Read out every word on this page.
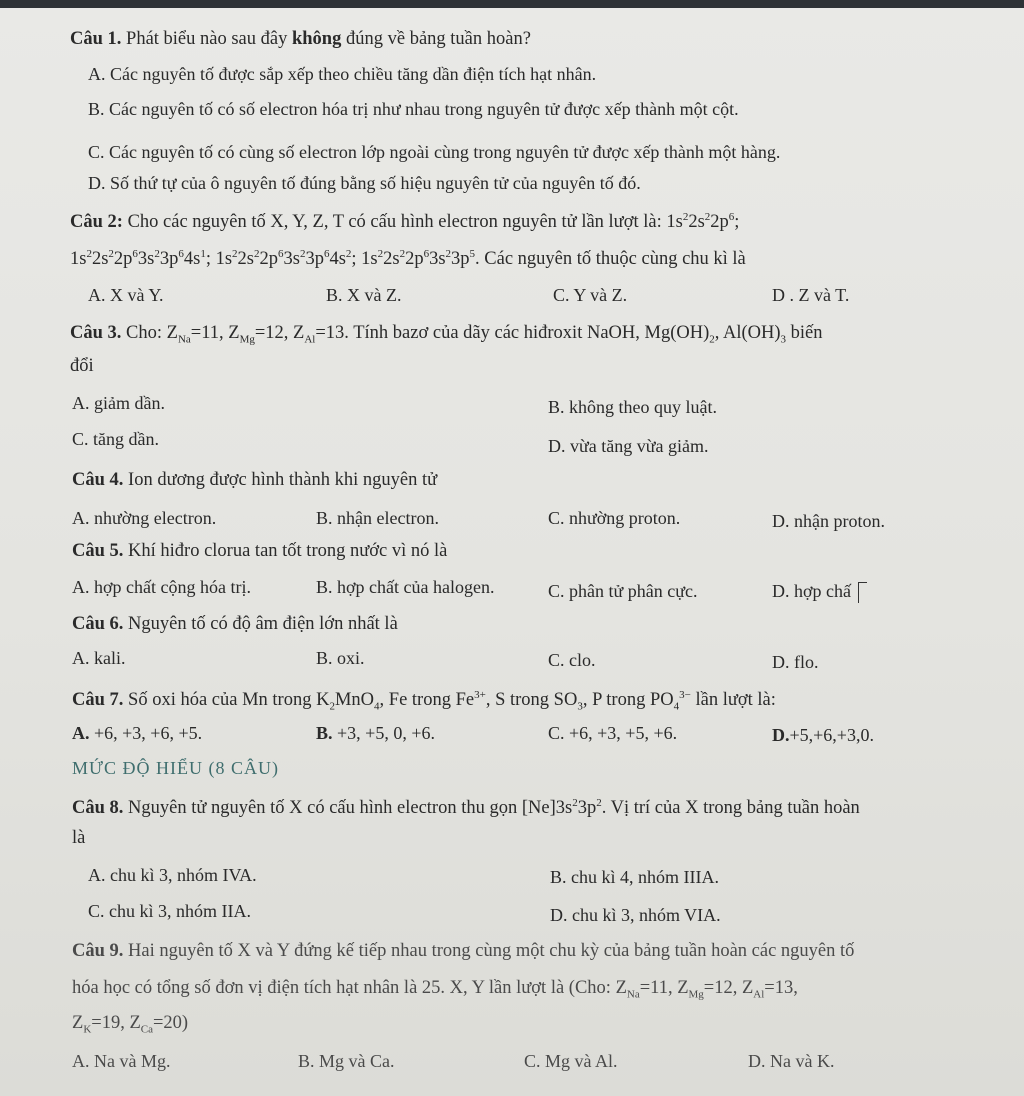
Câu 1. Phát biểu nào sau đây không đúng về bảng tuần hoàn?
A. Các nguyên tố được sắp xếp theo chiều tăng dần điện tích hạt nhân.
B. Các nguyên tố có số electron hóa trị như nhau trong nguyên tử được xếp thành một cột.
C. Các nguyên tố có cùng số electron lớp ngoài cùng trong nguyên tử được xếp thành một hàng.
D. Số thứ tự của ô nguyên tố đúng bằng số hiệu nguyên tử của nguyên tố đó.
Câu 2: Cho các nguyên tố X, Y, Z, T có cấu hình electron nguyên tử lần lượt là: $1s^22s^22p^6$;
$1s^22s^22p^63s^23p^64s^1$; $1s^22s^22p^63s^23p^64s^2$; $1s^22s^22p^63s^23p^5$. Các nguyên tố thuộc cùng chu kì là
A. X và Y.	B. X và Z.	C. Y và Z.	D . Z và T.
Câu 3. Cho: $Z_{Na}=11$, $Z_{Mg}=12$, $Z_{Al}=13$. Tính bazơ của dãy các hiđroxit NaOH, $Mg(OH)_2$, $Al(OH)_3$ biến
đổi
A. giảm dần.	B. không theo quy luật.
C. tăng dần.	D. vừa tăng vừa giảm.
Câu 4. Ion dương được hình thành khi nguyên tử
A. nhường electron.	B. nhận electron.	C. nhường proton.	D. nhận proton.
Câu 5. Khí hiđro clorua tan tốt trong nước vì nó là
A. hợp chất cộng hóa trị.	B. hợp chất của halogen.	C. phân tử phân cực.	D. hợp chấ
Câu 6. Nguyên tố có độ âm điện lớn nhất là
A. kali.	B. oxi.	C. clo.	D. flo.
Câu 7. Số oxi hóa của Mn trong $K_2MnO_4$, Fe trong $Fe^{3+}$, S trong $SO_3$, P trong $PO_4^{3-}$ lần lượt là:
A. +6, +3, +6, +5.	B. +3, +5, 0, +6.	C. +6, +3, +5, +6.	D.+5,+6,+3,0.
MỨC ĐỘ HIỂU (8 CÂU)
Câu 8. Nguyên tử nguyên tố X có cấu hình electron thu gọn $[Ne]3s^23p^2$. Vị trí của X trong bảng tuần hoàn
là
A. chu kì 3, nhóm IVA.	B. chu kì 4, nhóm IIIA.
C. chu kì 3, nhóm IIA.	D. chu kì 3, nhóm VIA.
Câu 9. Hai nguyên tố X và Y đứng kế tiếp nhau trong cùng một chu kỳ của bảng tuần hoàn các nguyên tố
hóa học có tổng số đơn vị điện tích hạt nhân là 25. X, Y lần lượt là (Cho: $Z_{Na}=11$, $Z_{Mg}=12$, $Z_{Al}=13$,
$Z_K=19$, $Z_{Ca}=20$)
A. Na và Mg.	B. Mg và Ca.	C. Mg và Al.	D. Na và K.
